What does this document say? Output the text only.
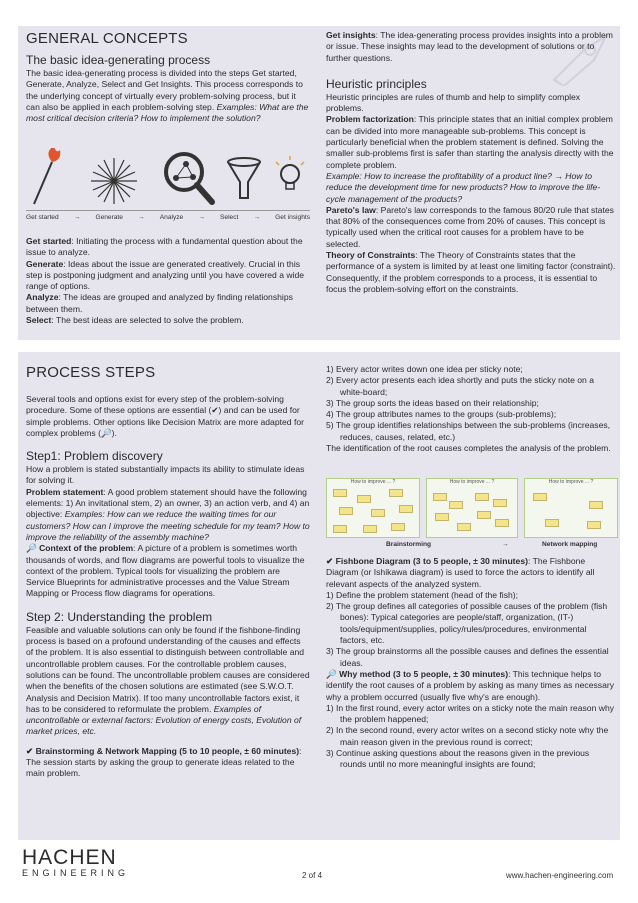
GENERAL CONCEPTS
The basic idea-generating process

The basic idea-generating process is divided into the steps Get started, Generate, Analyze, Select and Get Insights. This process corresponds to the underlying concept of virtually every problem-solving process, but it can also be applied in each problem-solving step. Examples: What are the most critical decision criteria? How to implement the solution?

Get started → Generate → Analyze → Select → Get insights

Get started: Initiating the process with a fundamental question about the issue to analyze.

Generate: Ideas about the issue are generated creatively. Crucial in this step is postponing judgment and analyzing until you have covered a wide range of options.

Analyze: The ideas are grouped and analyzed by finding relationships between them.

Select: The best ideas are selected to solve the problem.

Get insights: The idea-generating process provides insights into a problem or issue. These insights may lead to the development of solutions or to further questions.

Heuristic principles

Heuristic principles are rules of thumb and help to simplify complex problems.

Problem factorization: This principle states that an initial complex problem can be divided into more manageable sub-problems. This concept is particularly beneficial when the problem statement is defined. Solving the smaller sub-problems first is safer than starting the analysis directly with the complete problem.

Example: How to increase the profitability of a product line? → How to reduce the development time for new products? How to improve the life-cycle management of the products?

Pareto's law: Pareto's law corresponds to the famous 80/20 rule that states that 80% of the consequences come from 20% of causes. This concept is typically used when the critical root causes for a problem have to be selected.

Theory of Constraints: The Theory of Constraints states that the performance of a system is limited by at least one limiting factor (constraint). Consequently, if the problem corresponds to a process, it is essential to focus the problem-solving effort on the constraints.

PROCESS STEPS

Several tools and options exist for every step of the problem-solving procedure. Some of these options are essential (✔) and can be used for simple problems. Other options like Decision Matrix are more adapted for complex problems (🔎).

Step1: Problem discovery

How a problem is stated substantially impacts its ability to stimulate ideas for solving it.

Problem statement: A good problem statement should have the following elements: 1) An invitational stem, 2) an owner, 3) an action verb, and 4) an objective: Examples: How can we reduce the waiting times for our customers? How can I improve the meeting schedule for my team? How to improve the reliability of the assembly machine?

🔎 Context of the problem: A picture of a problem is sometimes worth thousands of words, and flow diagrams are powerful tools to visualize the context of the problem. Typical tools for visualizing the problem are Service Blueprints for administrative processes and the Value Stream Mapping or Process flow diagrams for operations.

Step 2: Understanding the problem

Feasible and valuable solutions can only be found if the fishbone-finding process is based on a profound understanding of the causes and effects of the problem. It is also essential to distinguish between controllable and uncontrollable problem causes. For the controllable problem causes, solutions can be found. The uncontrollable problem causes are considered when the benefits of the chosen solutions are estimated (see S.W.O.T. Analysis and Decision Matrix). If too many uncontrollable factors exist, it has to be considered to reformulate the problem. Examples of uncontrollable or external factors: Evolution of energy costs, Evolution of market prices, etc.

✔ Brainstorming & Network Mapping (5 to 10 people, ± 60 minutes): The session starts by asking the group to generate ideas related to the main problem.

1) Every actor writes down one idea per sticky note;

2) Every actor presents each idea shortly and puts the sticky note on a white-board;

3) The group sorts the ideas based on their relationship;

4) The group attributes names to the groups (sub-problems);

5) The group identifies relationships between the sub-problems (increases, reduces, causes, related, etc.)

The identification of the root causes completes the analysis of the problem.

How to improve ... ?	How to improve ... ?	How to improve ... ?
Brainstorming	→	Network mapping

✔ Fishbone Diagram (3 to 5 people, ± 30 minutes): The Fishbone Diagram (or Ishikawa diagram) is used to force the actors to identify all relevant aspects of the analyzed system.

1) Define the problem statement (head of the fish);

2) The group defines all categories of possible causes of the problem (fish bones): Typical categories are people/staff, organization, (IT-) tools/equipment/supplies, policy/rules/procedures, environmental factors, etc.

3) The group brainstorms all the possible causes and defines the essential ideas.

🔎 Why method (3 to 5 people, ± 30 minutes): This technique helps to identify the root causes of a problem by asking as many times as necessary why a problem occurred (usually five why's are enough).

1) In the first round, every actor writes on a sticky note the main reason why the problem happened;

2) In the second round, every actor writes on a second sticky note why the main reason given in the previous round is correct;

3) Continue asking questions about the reasons given in the previous rounds until no more meaningful insights are found;

HACHEN
ENGINEERING	2 of 4	www.hachen-engineering.com
